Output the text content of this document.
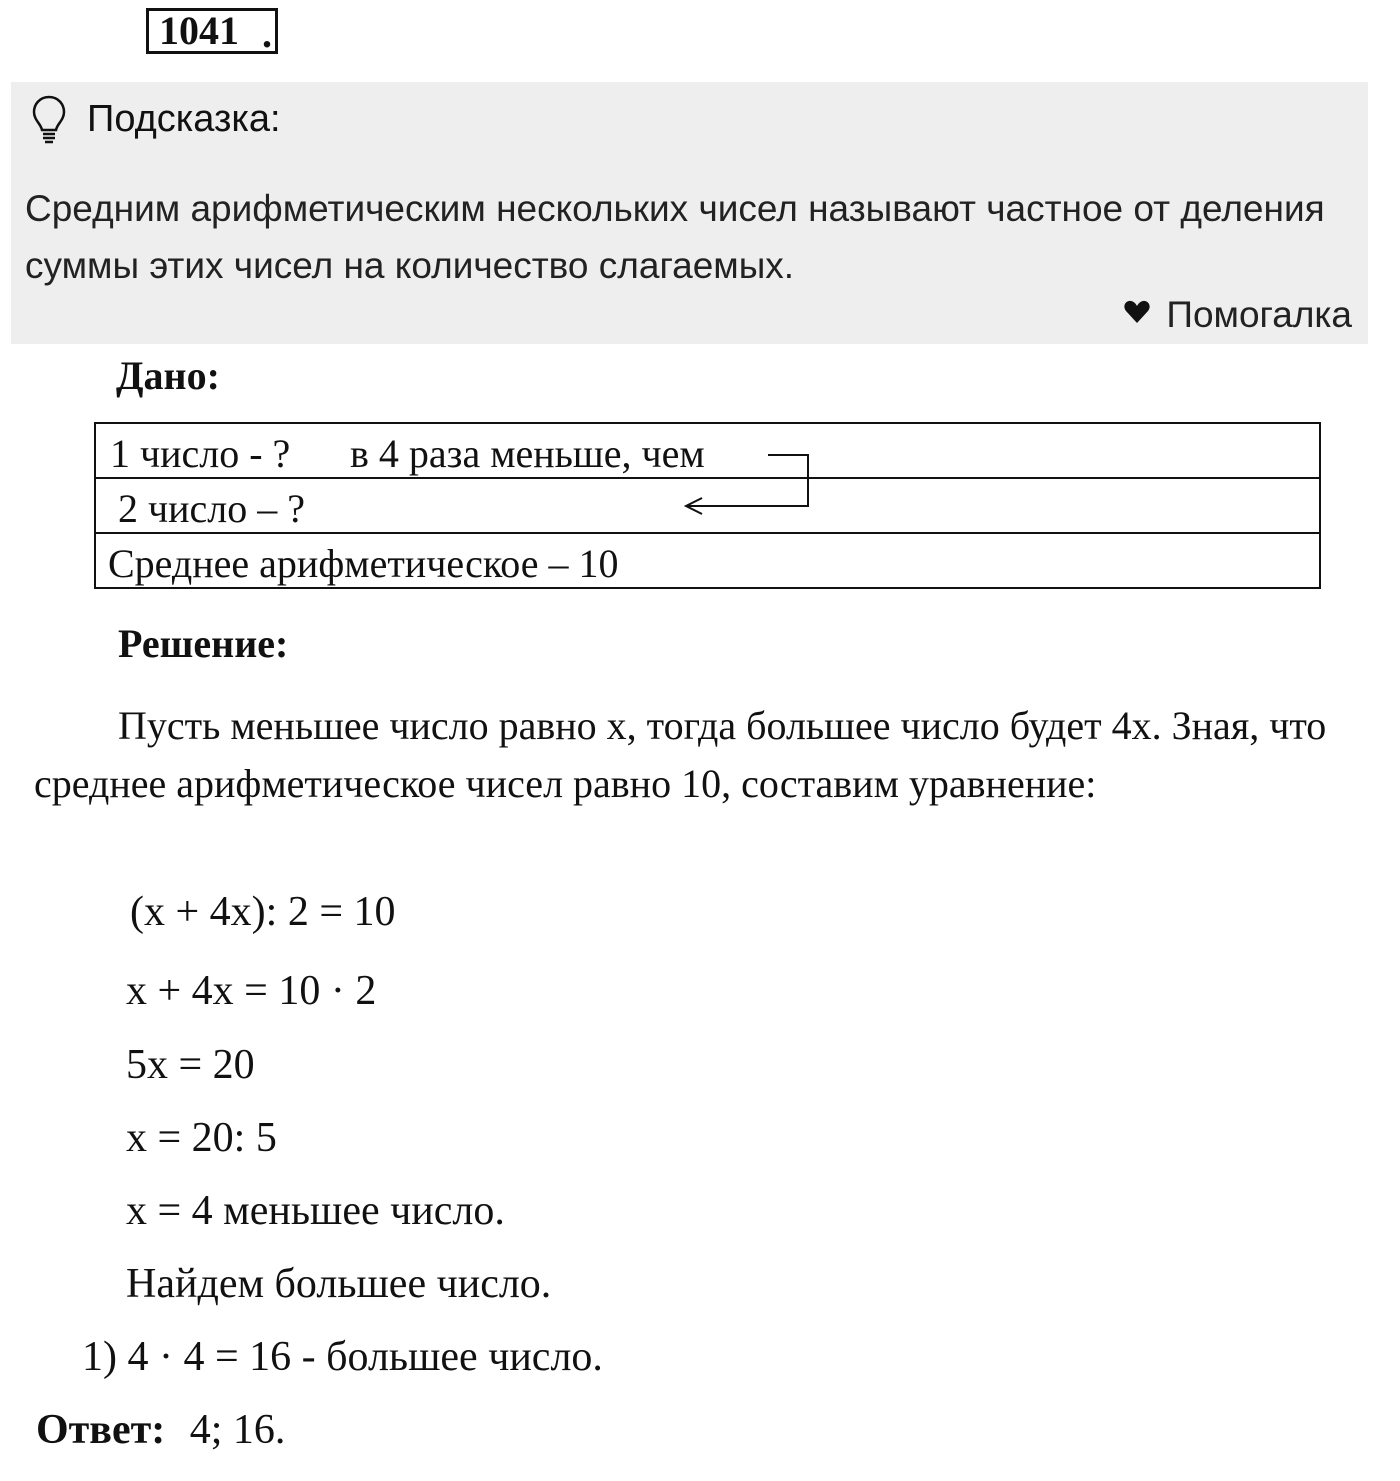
1041 .
Подсказка:
Средним арифметическим нескольких чисел называют частное от деления суммы этих чисел на количество слагаемых.
Помогалка
Дано:
1 число - ? в 4 раза меньше, чем
2 число – ?
Среднее арифметическое – 10
Решение:
Пусть меньшее число равно x, тогда большее число будет 4x. Зная, что среднее арифметическое чисел равно 10, составим уравнение:
(x + 4x): 2 = 10
x + 4x = 10 · 2
5x = 20
x = 20: 5
x = 4 меньшее число.
Найдем большее число.
1) 4 · 4 = 16 - большее число.
Ответ: 4; 16.
